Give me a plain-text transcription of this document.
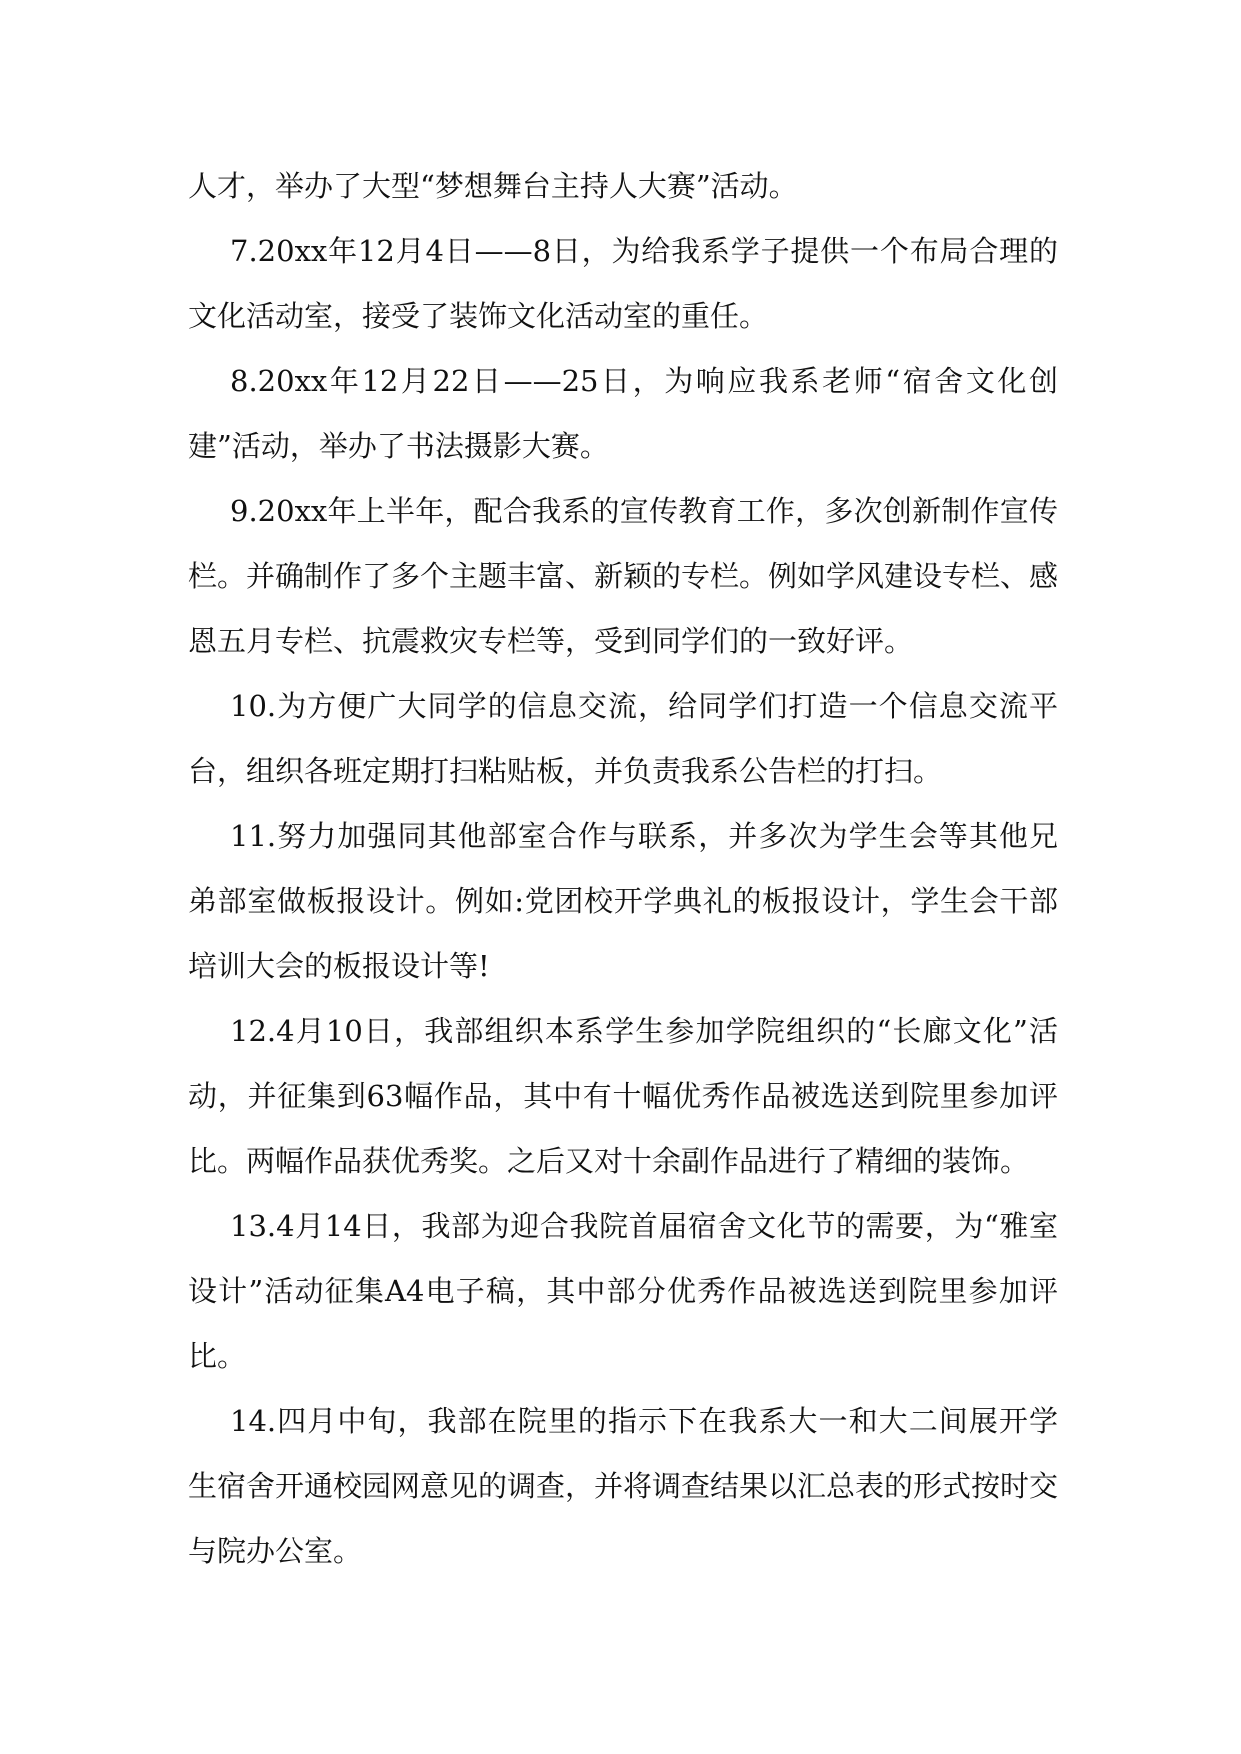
人才，举办了大型“梦想舞台主持人大赛”活动。

7.20xx年12月4日——8日，为给我系学子提供一个布局合理的文化活动室，接受了装饰文化活动室的重任。

8.20xx年12月22日——25日，为响应我系老师“宿舍文化创建”活动，举办了书法摄影大赛。

9.20xx年上半年，配合我系的宣传教育工作，多次创新制作宣传栏。并确制作了多个主题丰富、新颖的专栏。例如学风建设专栏、感恩五月专栏、抗震救灾专栏等，受到同学们的一致好评。

10.为方便广大同学的信息交流，给同学们打造一个信息交流平台，组织各班定期打扫粘贴板，并负责我系公告栏的打扫。

11.努力加强同其他部室合作与联系，并多次为学生会等其他兄弟部室做板报设计。例如:党团校开学典礼的板报设计，学生会干部培训大会的板报设计等!

12.4月10日，我部组织本系学生参加学院组织的“长廊文化”活动，并征集到63幅作品，其中有十幅优秀作品被选送到院里参加评比。两幅作品获优秀奖。之后又对十余副作品进行了精细的装饰。

13.4月14日，我部为迎合我院首届宿舍文化节的需要，为“雅室设计”活动征集A4电子稿，其中部分优秀作品被选送到院里参加评比。

14.四月中旬，我部在院里的指示下在我系大一和大二间展开学生宿舍开通校园网意见的调查，并将调查结果以汇总表的形式按时交与院办公室。
